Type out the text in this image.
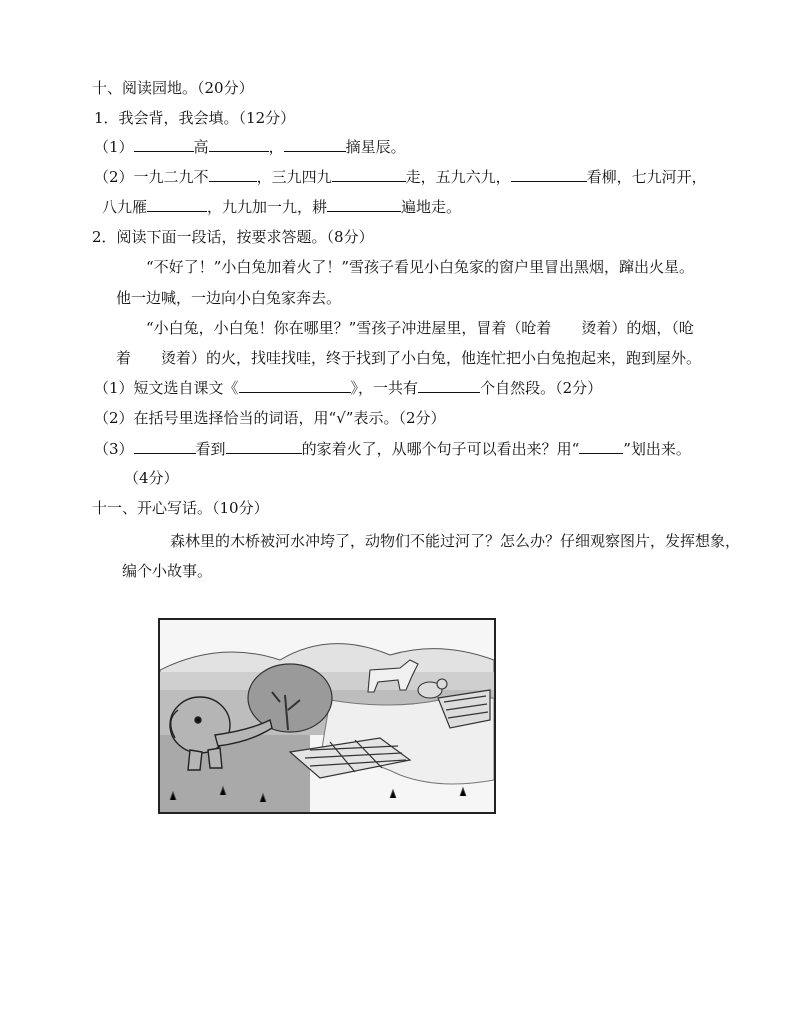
十、阅读园地。（20分）
1．我会背，我会填。（12分）
（1）	高	，	摘星辰。
（2）一九二九不	，三九四九	走，五九六九，	看柳，七九河开，
八九雁	，九九加一九，耕	遍地走。
2．阅读下面一段话，按要求答题。（8分）
“不好了！”小白兔加着火了！”雪孩子看见小白兔家的窗户里冒出黑烟，蹿出火星。
他一边喊，一边向小白兔家奔去。
“小白兔，小白兔！你在哪里？”雪孩子冲进屋里，冒着（呛着　　烫着）的烟，（呛
着　　烫着）的火，找哇找哇，终于找到了小白兔，他连忙把小白兔抱起来，跑到屋外。
（1）短文选自课文《	》，一共有	个自然段。（2分）
（2）在括号里选择恰当的词语，用“√”表示。（2分）
（3）	看到	的家着火了，从哪个句子可以看出来？用“	”划出来。
（4分）
十一、开心写话。（10分）
森林里的木桥被河水冲垮了，动物们不能过河了？怎么办？仔细观察图片，发挥想象，
编个小故事。
